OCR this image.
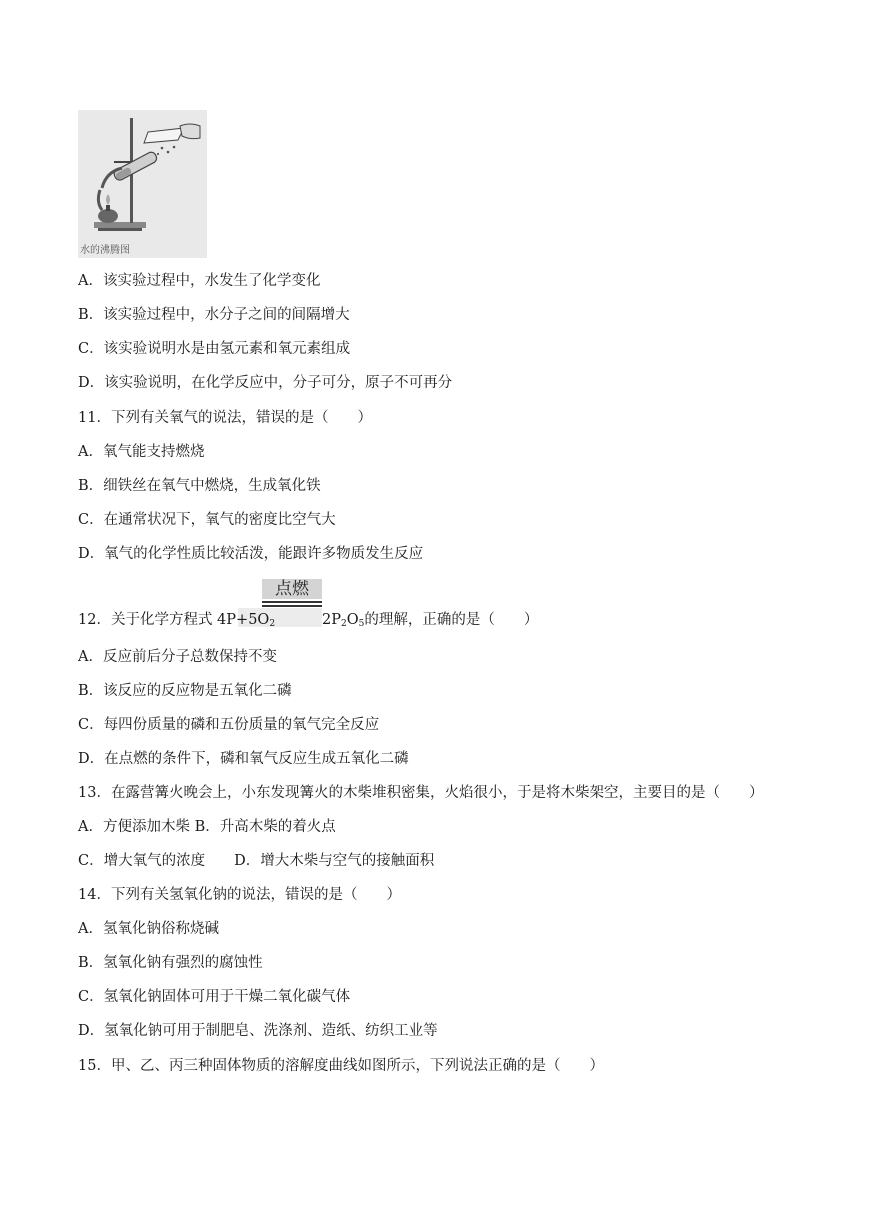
水的沸腾图
A．该实验过程中，水发生了化学变化
B．该实验过程中，水分子之间的间隔增大
C．该实验说明水是由氢元素和氧元素组成
D．该实验说明，在化学反应中，分子可分，原子不可再分
11．下列有关氧气的说法，错误的是（　　）
A．氧气能支持燃烧
B．细铁丝在氧气中燃烧，生成氧化铁
C．在通常状况下，氧气的密度比空气大
D．氧气的化学性质比较活泼，能跟许多物质发生反应
点燃
12．关于化学方程式 $4P+5O_2$	$2P_2O_5$的理解，正确的是（　　）
A．反应前后分子总数保持不变
B．该反应的反应物是五氧化二磷
C．每四份质量的磷和五份质量的氧气完全反应
D．在点燃的条件下，磷和氧气反应生成五氧化二磷
13．在露营篝火晚会上，小东发现篝火的木柴堆积密集，火焰很小，于是将木柴架空，主要目的是（　　）
A．方便添加木柴 B．升高木柴的着火点
C．增大氧气的浓度　　D．增大木柴与空气的接触面积
14．下列有关氢氧化钠的说法，错误的是（　　）
A．氢氧化钠俗称烧碱
B．氢氧化钠有强烈的腐蚀性
C．氢氧化钠固体可用于干燥二氧化碳气体
D．氢氧化钠可用于制肥皂、洗涤剂、造纸、纺织工业等
15．甲、乙、丙三种固体物质的溶解度曲线如图所示，下列说法正确的是（　　）
